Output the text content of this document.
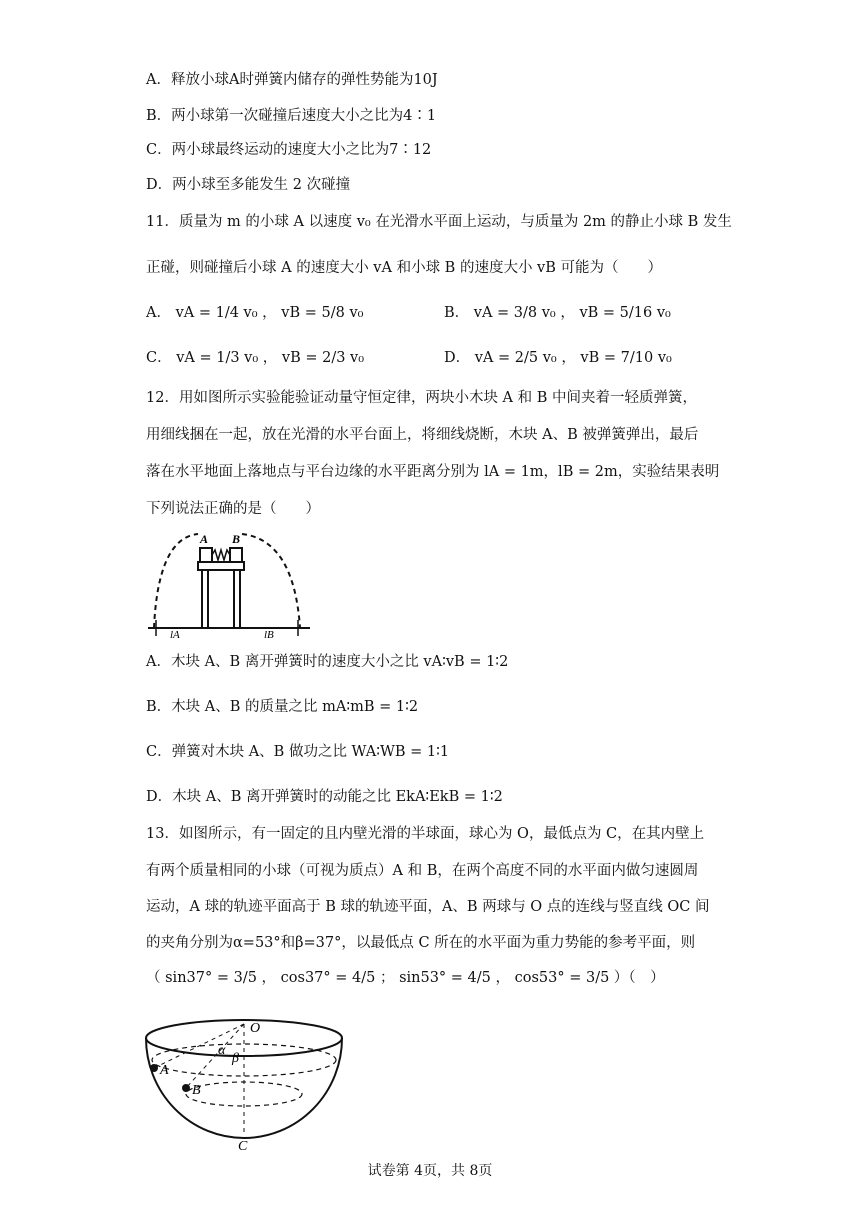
A．释放小球A时弹簧内储存的弹性势能为10J
B．两小球第一次碰撞后速度大小之比为4∶1
C．两小球最终运动的速度大小之比为7∶12
D．两小球至多能发生 2 次碰撞
11．质量为 m 的小球 A 以速度 v₀ 在光滑水平面上运动，与质量为 2m 的静止小球 B 发生
正碰，则碰撞后小球 A 的速度大小 vA 和小球 B 的速度大小 vB 可能为（　　）
A． vA = 1/4 v₀ ， vB = 5/8 v₀	B． vA = 3/8 v₀ ， vB = 5/16 v₀
C． vA = 1/3 v₀ ， vB = 2/3 v₀	D． vA = 2/5 v₀ ， vB = 7/10 v₀
12．用如图所示实验能验证动量守恒定律，两块小木块 A 和 B 中间夹着一轻质弹簧，
用细线捆在一起，放在光滑的水平台面上，将细线烧断，木块 A、B 被弹簧弹出，最后
落在水平地面上落地点与平台边缘的水平距离分别为 lA = 1m，lB = 2m，实验结果表明
下列说法正确的是（　　）
A B
lA	lB
A．木块 A、B 离开弹簧时的速度大小之比 vA∶vB = 1∶2
B．木块 A、B 的质量之比 mA∶mB = 1∶2
C．弹簧对木块 A、B 做功之比 WA∶WB = 1∶1
D．木块 A、B 离开弹簧时的动能之比 EkA∶EkB = 1∶2
13．如图所示，有一固定的且内壁光滑的半球面，球心为 O，最低点为 C，在其内壁上
有两个质量相同的小球（可视为质点）A 和 B，在两个高度不同的水平面内做匀速圆周
运动，A 球的轨迹平面高于 B 球的轨迹平面，A、B 两球与 O 点的连线与竖直线 OC 间
的夹角分别为α=53°和β=37°，以最低点 C 所在的水平面为重力势能的参考平面，则
（ sin37° = 3/5 ， cos37° = 4/5 ； sin53° = 4/5 ， cos53° = 3/5 ）（　）
O
A
B
C
α
β
试卷第 4页，共 8页
